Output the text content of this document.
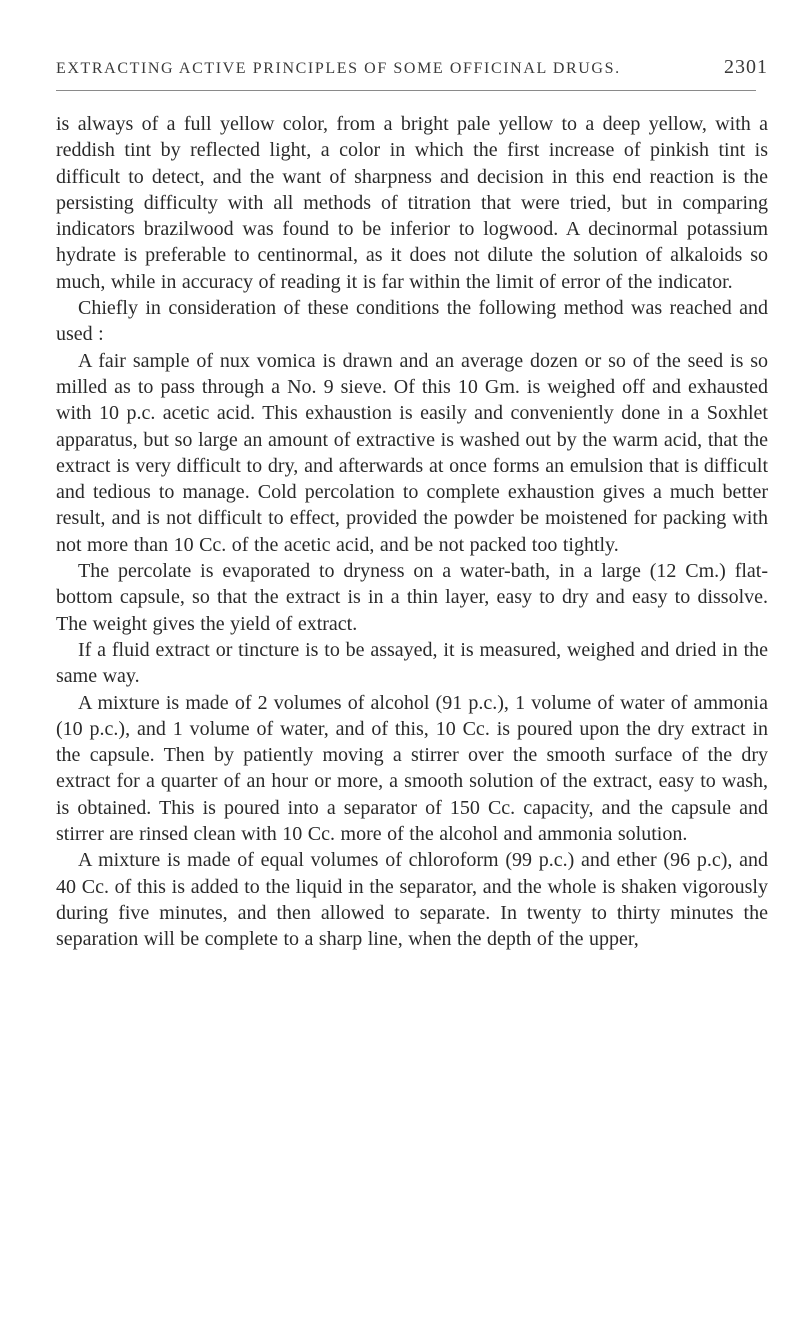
EXTRACTING ACTIVE PRINCIPLES OF SOME OFFICINAL DRUGS.	2301

is always of a full yellow color, from a bright pale yellow to a deep yellow, with a reddish tint by reflected light, a color in which the first increase of pinkish tint is difficult to detect, and the want of sharpness and decision in this end reaction is the persisting difficulty with all methods of titration that were tried, but in comparing indicators brazilwood was found to be inferior to logwood. A decinormal potassium hydrate is preferable to centinormal, as it does not dilute the solution of alkaloids so much, while in accuracy of reading it is far within the limit of error of the indicator.

Chiefly in consideration of these conditions the following method was reached and used :

A fair sample of nux vomica is drawn and an average dozen or so of the seed is so milled as to pass through a No. 9 sieve. Of this 10 Gm. is weighed off and exhausted with 10 p.c. acetic acid. This exhaustion is easily and conveniently done in a Soxhlet apparatus, but so large an amount of extractive is washed out by the warm acid, that the extract is very difficult to dry, and afterwards at once forms an emulsion that is difficult and tedious to manage. Cold percolation to complete exhaustion gives a much better result, and is not difficult to effect, provided the powder be moistened for packing with not more than 10 Cc. of the acetic acid, and be not packed too tightly.

The percolate is evaporated to dryness on a water-bath, in a large (12 Cm.) flat-bottom capsule, so that the extract is in a thin layer, easy to dry and easy to dissolve. The weight gives the yield of extract.

If a fluid extract or tincture is to be assayed, it is measured, weighed and dried in the same way.

A mixture is made of 2 volumes of alcohol (91 p.c.), 1 volume of water of ammonia (10 p.c.), and 1 volume of water, and of this, 10 Cc. is poured upon the dry extract in the capsule. Then by patiently moving a stirrer over the smooth surface of the dry extract for a quarter of an hour or more, a smooth solution of the extract, easy to wash, is obtained. This is poured into a separator of 150 Cc. capacity, and the capsule and stirrer are rinsed clean with 10 Cc. more of the alcohol and ammonia solution.

A mixture is made of equal volumes of chloroform (99 p.c.) and ether (96 p.c), and 40 Cc. of this is added to the liquid in the separator, and the whole is shaken vigorously during five minutes, and then allowed to separate. In twenty to thirty minutes the separation will be complete to a sharp line, when the depth of the upper,
